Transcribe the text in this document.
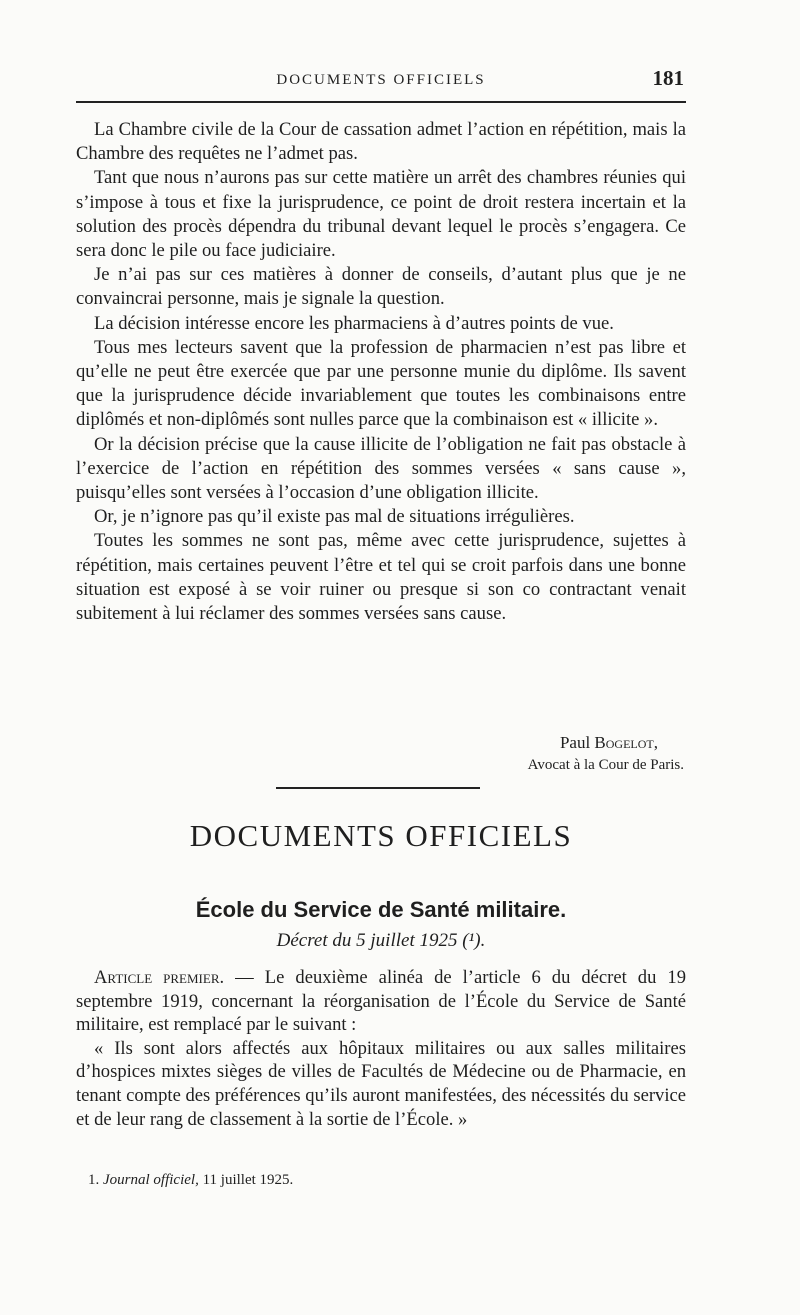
DOCUMENTS OFFICIELS	181

La Chambre civile de la Cour de cassation admet l’action en répétition, mais la Chambre des requêtes ne l’admet pas.

Tant que nous n’aurons pas sur cette matière un arrêt des chambres réunies qui s’impose à tous et fixe la jurisprudence, ce point de droit restera incertain et la solution des procès dépendra du tribunal devant lequel le procès s’engagera. Ce sera donc le pile ou face judiciaire.

Je n’ai pas sur ces matières à donner de conseils, d’autant plus que je ne convaincrai personne, mais je signale la question.

La décision intéresse encore les pharmaciens à d’autres points de vue.

Tous mes lecteurs savent que la profession de pharmacien n’est pas libre et qu’elle ne peut être exercée que par une personne munie du diplôme. Ils savent que la jurisprudence décide invariablement que toutes les combinaisons entre diplômés et non-diplômés sont nulles parce que la combinaison est « illicite ».

Or la décision précise que la cause illicite de l’obligation ne fait pas obstacle à l’exercice de l’action en répétition des sommes versées « sans cause », puisqu’elles sont versées à l’occasion d’une obligation illicite.

Or, je n’ignore pas qu’il existe pas mal de situations irrégulières.

Toutes les sommes ne sont pas, même avec cette jurisprudence, sujettes à répétition, mais certaines peuvent l’être et tel qui se croit parfois dans une bonne situation est exposé à se voir ruiner ou presque si son co contractant venait subitement à lui réclamer des sommes versées sans cause.

Paul Bogelot,
Avocat à la Cour de Paris.
DOCUMENTS OFFICIELS
École du Service de Santé militaire.
Décret du 5 juillet 1925 (¹).

Article premier. — Le deuxième alinéa de l’article 6 du décret du 19 septembre 1919, concernant la réorganisation de l’École du Service de Santé militaire, est remplacé par le suivant :

« Ils sont alors affectés aux hôpitaux militaires ou aux salles militaires d’hospices mixtes sièges de villes de Facultés de Médecine ou de Pharmacie, en tenant compte des préférences qu’ils auront manifestées, des nécessités du service et de leur rang de classement à la sortie de l’École. »

1. Journal officiel, 11 juillet 1925.
